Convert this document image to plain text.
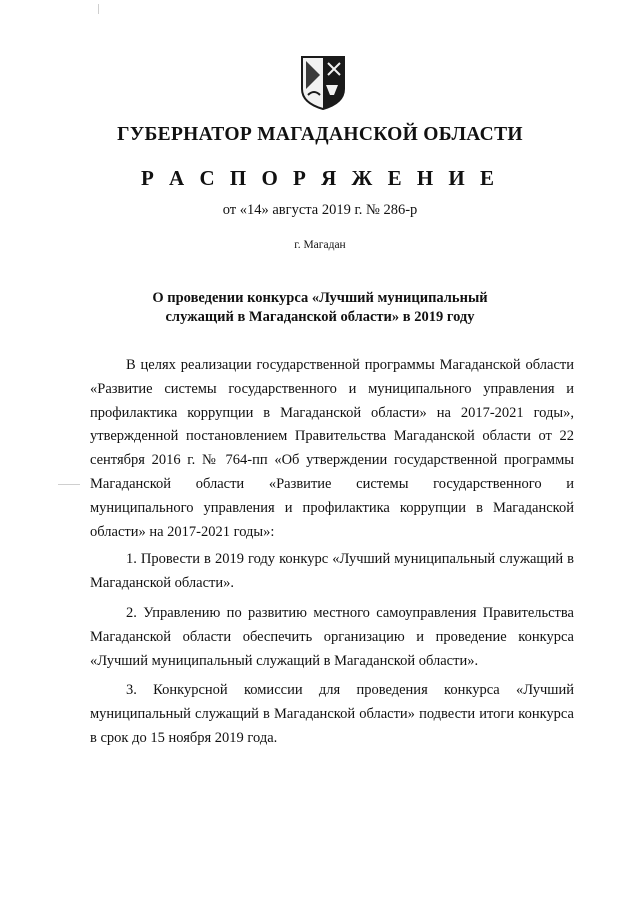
ГУБЕРНАТОР МАГАДАНСКОЙ ОБЛАСТИ
Р А С П О Р Я Ж Е Н И Е
от «14» августа 2019 г. № 286-р
г. Магадан
О проведении конкурса «Лучший муниципальный
служащий в Магаданской области» в 2019 году

В целях реализации государственной программы Магаданской области «Развитие системы государственного и муниципального управления и профилактика коррупции в Магаданской области» на 2017-2021 годы», утвержденной постановлением Правительства Магаданской области от 22 сентября 2016 г. № 764-пп «Об утверждении государственной программы Магаданской области «Развитие системы государственного и муниципального управления и профилактика коррупции в Магаданской области» на 2017-2021 годы»:

1. Провести в 2019 году конкурс «Лучший муниципальный служащий в Магаданской области».

2. Управлению по развитию местного самоуправления Правительства Магаданской области обеспечить организацию и проведение конкурса «Лучший муниципальный служащий в Магаданской области».

3. Конкурсной комиссии для проведения конкурса «Лучший муниципальный служащий в Магаданской области» подвести итоги конкурса в срок до 15 ноября 2019 года.
